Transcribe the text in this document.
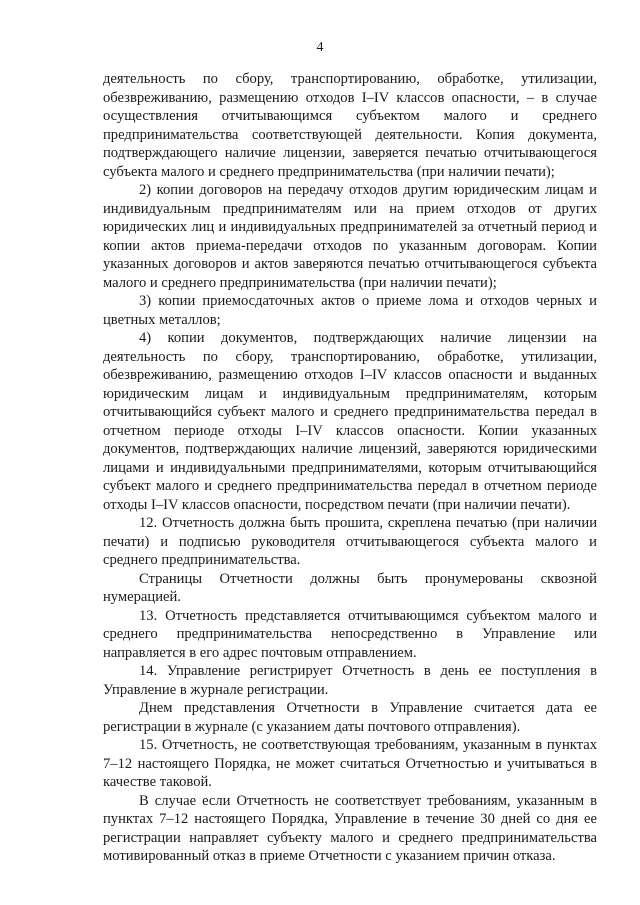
4

деятельность по сбору, транспортированию, обработке, утилизации, обезвреживанию, размещению отходов I–IV классов опасности, – в случае осуществления отчитывающимся субъектом малого и среднего предпринимательства соответствующей деятельности. Копия документа, подтверждающего наличие лицензии, заверяется печатью отчитывающегося субъекта малого и среднего предпринимательства (при наличии печати);

2) копии договоров на передачу отходов другим юридическим лицам и индивидуальным предпринимателям или на прием отходов от других юридических лиц и индивидуальных предпринимателей за отчетный период и копии актов приема-передачи отходов по указанным договорам. Копии указанных договоров и актов заверяются печатью отчитывающегося субъекта малого и среднего предпринимательства (при наличии печати);

3) копии приемосдаточных актов о приеме лома и отходов черных и цветных металлов;

4) копии документов, подтверждающих наличие лицензии на деятельность по сбору, транспортированию, обработке, утилизации, обезвреживанию, размещению отходов I–IV классов опасности и выданных юридическим лицам и индивидуальным предпринимателям, которым отчитывающийся субъект малого и среднего предпринимательства передал в отчетном периоде отходы I–IV классов опасности. Копии указанных документов, подтверждающих наличие лицензий, заверяются юридическими лицами и индивидуальными предпринимателями, которым отчитывающийся субъект малого и среднего предпринимательства передал в отчетном периоде отходы I–IV классов опасности, посредством печати (при наличии печати).

12. Отчетность должна быть прошита, скреплена печатью (при наличии печати) и подписью руководителя отчитывающегося субъекта малого и среднего предпринимательства.

Страницы Отчетности должны быть пронумерованы сквозной нумерацией.

13. Отчетность представляется отчитывающимся субъектом малого и среднего предпринимательства непосредственно в Управление или направляется в его адрес почтовым отправлением.

14. Управление регистрирует Отчетность в день ее поступления в Управление в журнале регистрации.

Днем представления Отчетности в Управление считается дата ее регистрации в журнале (с указанием даты почтового отправления).

15. Отчетность, не соответствующая требованиям, указанным в пунктах 7–12 настоящего Порядка, не может считаться Отчетностью и учитываться в качестве таковой.

В случае если Отчетность не соответствует требованиям, указанным в пунктах 7–12 настоящего Порядка, Управление в течение 30 дней со дня ее регистрации направляет субъекту малого и среднего предпринимательства мотивированный отказ в приеме Отчетности с указанием причин отказа.
